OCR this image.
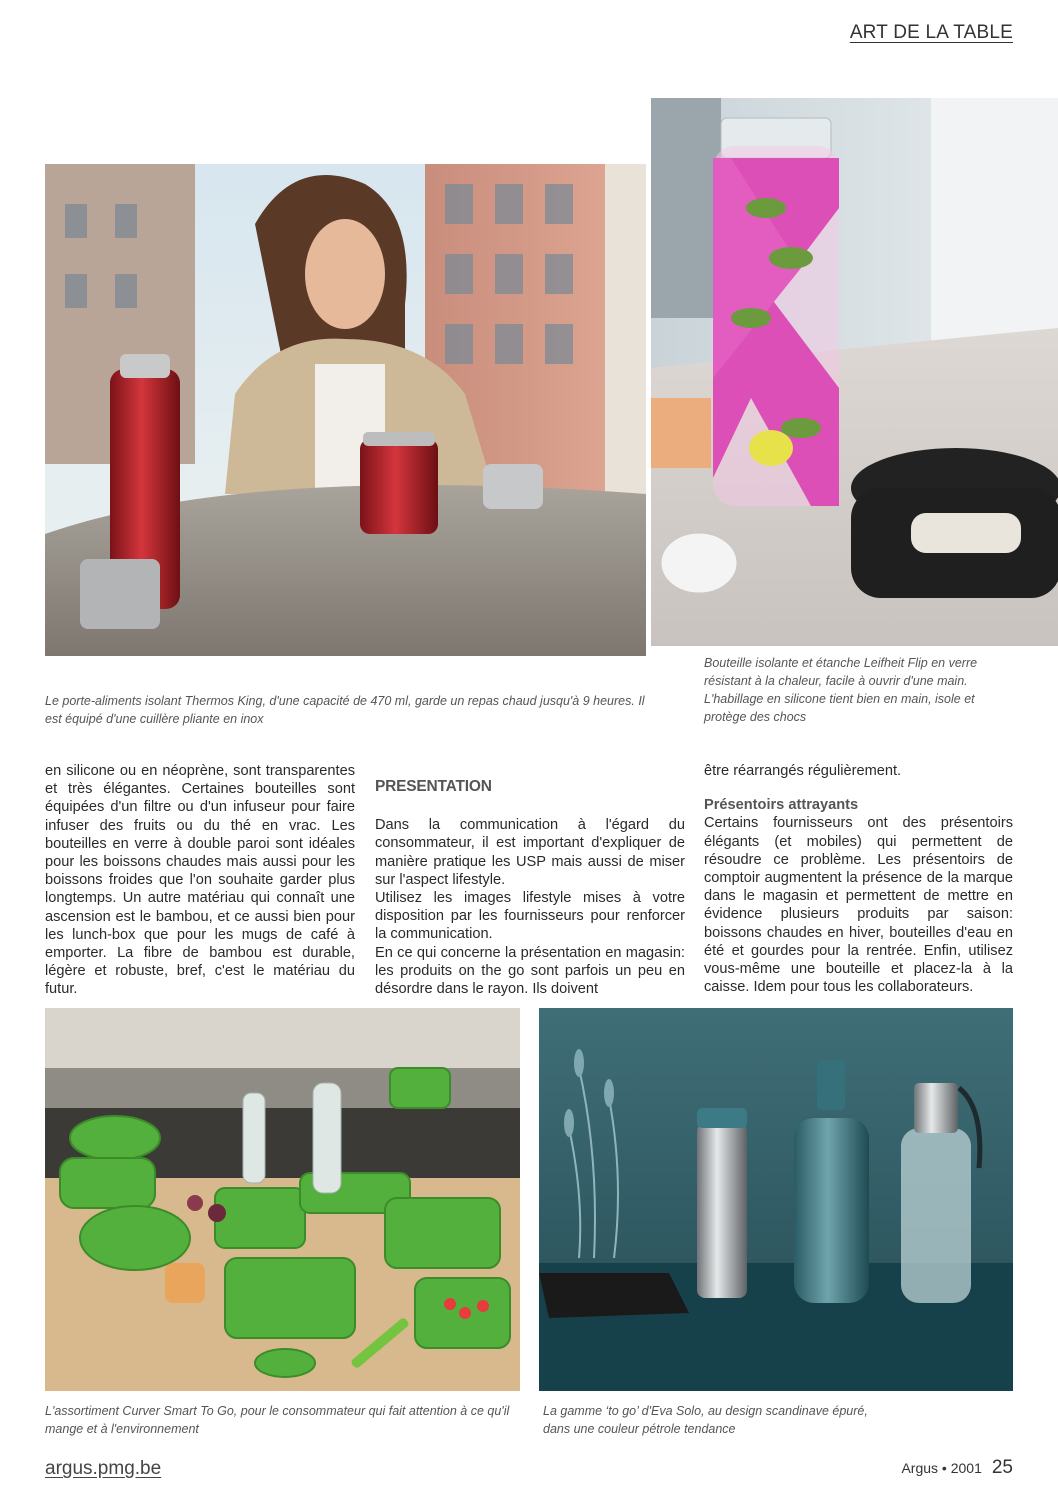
ART DE LA TABLE
Le porte-aliments isolant Thermos King, d'une capacité de 470 ml, garde un repas chaud jusqu'à 9 heures. Il est équipé d'une cuillère pliante en inox
Bouteille isolante et étanche Leifheit Flip en verre résistant à la chaleur, facile à ouvrir d'une main. L'habillage en silicone tient bien en main, isole et protège des chocs

en silicone ou en néoprène, sont transparentes et très élégantes. Certaines bouteilles sont équipées d'un filtre ou d'un infuseur pour faire infuser des fruits ou du thé en vrac. Les bouteilles en verre à double paroi sont idéales pour les boissons chaudes mais aussi pour les boissons froides que l'on souhaite garder plus longtemps. Un autre matériau qui connaît une ascension est le bambou, et ce aussi bien pour les lunch-box que pour les mugs de café à emporter. La fibre de bambou est durable, légère et robuste, bref, c'est le matériau du futur.

PRESENTATION

Dans la communication à l'égard du consommateur, il est important d'expliquer de manière pratique les USP mais aussi de miser sur l'aspect lifestyle.

Utilisez les images lifestyle mises à votre disposition par les fournisseurs pour renforcer la communication.

En ce qui concerne la présentation en magasin: les produits on the go sont parfois un peu en désordre dans le rayon. Ils doivent

être réarrangés régulièrement.

Présentoirs attrayants

Certains fournisseurs ont des présentoirs élégants (et mobiles) qui permettent de résoudre ce problème. Les présentoirs de comptoir augmentent la présence de la marque dans le magasin et permettent de mettre en évidence plusieurs produits par saison: boissons chaudes en hiver, bouteilles d'eau en été et gourdes pour la rentrée. Enfin, utilisez vous-même une bouteille et placez-la à la caisse. Idem pour tous les collaborateurs.

L'assortiment Curver Smart To Go, pour le consommateur qui fait attention à ce qu'il mange et à l'environnement
La gamme ‘to go’ d'Eva Solo, au design scandinave épuré, dans une couleur pétrole tendance
argus.pmg.be	Argus • 2001 25
